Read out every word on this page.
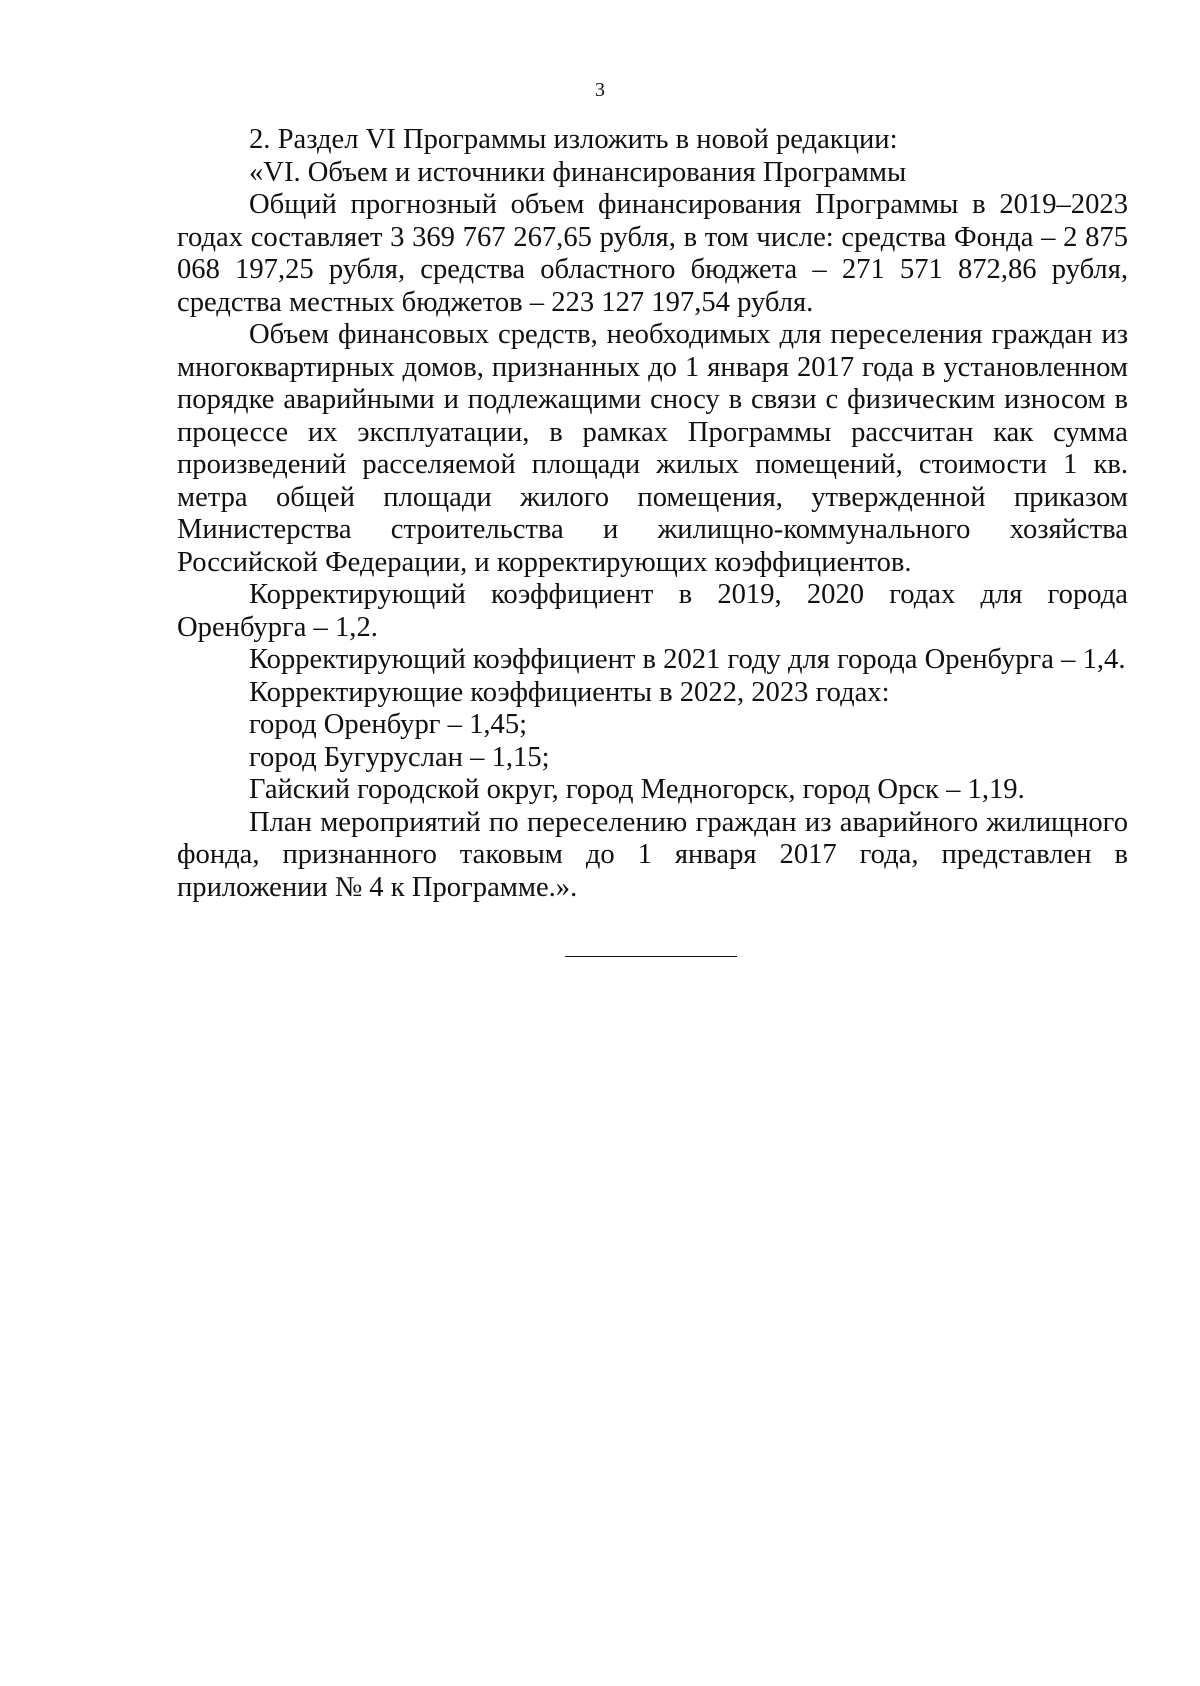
3

2. Раздел VI Программы изложить в новой редакции:

«VI. Объем и источники финансирования Программы

Общий прогнозный объем финансирования Программы в 2019–2023 годах составляет 3 369 767 267,65 рубля, в том числе: средства Фонда – 2 875 068 197,25 рубля, средства областного бюджета – 271 571 872,86 рубля, средства местных бюджетов – 223 127 197,54 рубля.

Объем финансовых средств, необходимых для переселения граждан из многоквартирных домов, признанных до 1 января 2017 года в установленном порядке аварийными и подлежащими сносу в связи с физическим износом в процессе их эксплуатации, в рамках Программы рассчитан как сумма произведений расселяемой площади жилых помещений, стоимости 1 кв. метра общей площади жилого помещения, утвержденной приказом Министерства строительства и жилищно-коммунального хозяйства Российской Федерации, и корректирующих коэффициентов.

Корректирующий коэффициент в 2019, 2020 годах для города Оренбурга – 1,2.

Корректирующий коэффициент в 2021 году для города Оренбурга – 1,4.

Корректирующие коэффициенты в 2022, 2023 годах:

город Оренбург – 1,45;

город Бугуруслан – 1,15;

Гайский городской округ, город Медногорск, город Орск – 1,19.

План мероприятий по переселению граждан из аварийного жилищного фонда, признанного таковым до 1 января 2017 года, представлен в приложении № 4 к Программе.».
